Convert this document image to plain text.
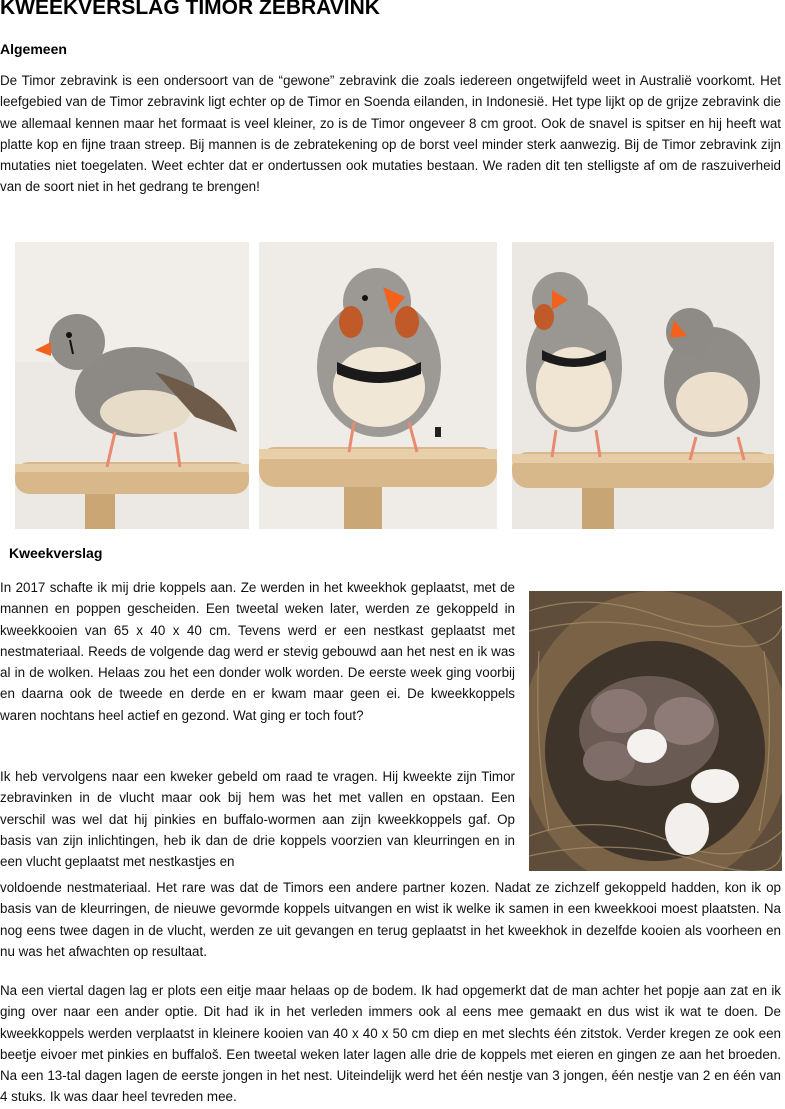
KWEEKVERSLAG TIMOR ZEBRAVINK
Algemeen

De Timor zebravink is een ondersoort van de “gewone” zebravink die zoals iedereen ongetwijfeld weet in Australië voorkomt. Het leefgebied van de Timor zebravink ligt echter op de Timor en Soenda eilanden, in Indonesië. Het type lijkt op de grijze zebravink die we allemaal kennen maar het formaat is veel kleiner, zo is de Timor ongeveer 8 cm groot. Ook de snavel is spitser en hij heeft wat platte kop en fijne traan streep. Bij mannen is de zebratekening op de borst veel minder sterk aanwezig. Bij de Timor zebravink zijn mutaties niet toegelaten. Weet echter dat er ondertussen ook mutaties bestaan. We raden dit ten stelligste af om de raszuiverheid van de soort niet in het gedrang te brengen!

Kweekverslag

In 2017 schafte ik mij drie koppels aan. Ze werden in het kweekhok geplaatst, met de mannen en poppen gescheiden. Een tweetal weken later, werden ze gekoppeld in kweekkooien van 65 x 40 x 40 cm. Tevens werd er een nestkast geplaatst met nestmateriaal. Reeds de volgende dag werd er stevig gebouwd aan het nest en ik was al in de wolken. Helaas zou het een donder wolk worden. De eerste week ging voorbij en daarna ook de tweede en derde en er kwam maar geen ei. De kweekkoppels waren nochtans heel actief en gezond. Wat ging er toch fout?

Ik heb vervolgens naar een kweker gebeld om raad te vragen. Hij kweekte zijn Timor zebravinken in de vlucht maar ook bij hem was het met vallen en opstaan. Een verschil was wel dat hij pinkies en buffalo-wormen aan zijn kweekkoppels gaf. Op basis van zijn inlichtingen, heb ik dan de drie koppels voorzien van kleurringen en in een vlucht geplaatst met nestkastjes en

voldoende nestmateriaal. Het rare was dat de Timors een andere partner kozen. Nadat ze zichzelf gekoppeld hadden, kon ik op basis van de kleurringen, de nieuwe gevormde koppels uitvangen en wist ik welke ik samen in een kweekkooi moest plaatsten. Na nog eens twee dagen in de vlucht, werden ze uit gevangen en terug geplaatst in het kweekhok in dezelfde kooien als voorheen en nu was het afwachten op resultaat.

Na een viertal dagen lag er plots een eitje maar helaas op de bodem. Ik had opgemerkt dat de man achter het popje aan zat en ik ging over naar een ander optie. Dit had ik in het verleden immers ook al eens mee gemaakt en dus wist ik wat te doen. De kweekkoppels werden verplaatst in kleinere kooien van 40 x 40 x 50 cm diep en met slechts één zitstok. Verder kregen ze ook een beetje eivoer met pinkies en buffaloš. Een tweetal weken later lagen alle drie de koppels met eieren en gingen ze aan het broeden. Na een 13-tal dagen lagen de eerste jongen in het nest. Uiteindelijk werd het één nestje van 3 jongen, één nestje van 2 en één van 4 stuks. Ik was daar heel tevreden mee.
